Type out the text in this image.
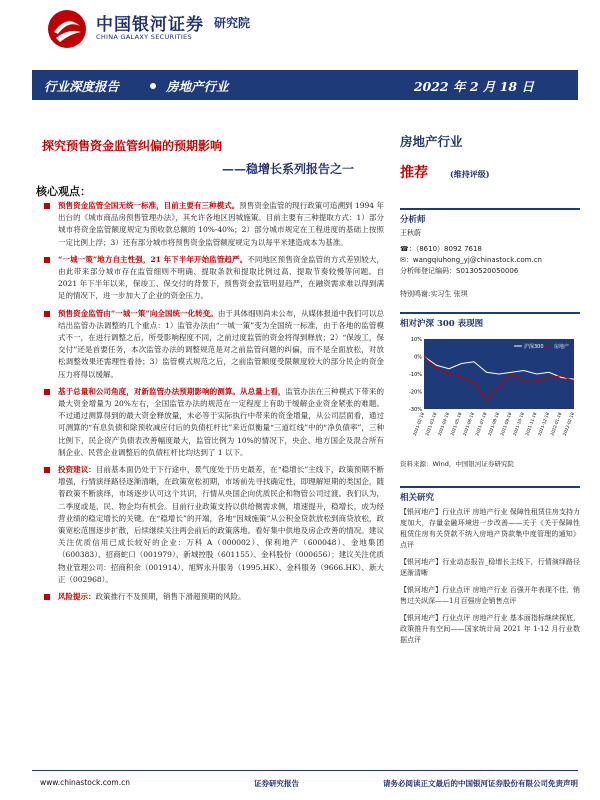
中国银河证券
CHINA GALAXY SECURITIES
研究院
行业深度报告	房地产行业	2022 年 2 月 18 日
探究预售资金监管纠偏的预期影响
——稳增长系列报告之一
核心观点：
预售资金监管全国无统一标准，目前主要有三种模式。预售资金监管的现行政策可追溯到 1994 年出台的《城市商品房预售管理办法》，其允许各地区因城施策。目前主要有三种提取方式：1）部分城市将资金监管额度规定为预收款总额的 10%-40%；2）部分城市规定在工程进度的基础上按照一定比例上浮；3）还有部分城市将预售资金监管额度规定为以每平米建造成本为基准。
“一城一策”地方自主性强，21 年下半年开始监管趋严。不同地区预售资金监管的方式差别较大，由此带来部分城市存在监管细则不明确、提取条款和提取比例过高、提取节奏较慢等问题。自 2021 年下半年以来，保竣工、保交付的背景下，预售资金监管明显趋严，在融资需求难以得到满足的情况下，进一步加大了企业的资金压力。
预售资金监管由“一城一策”向全国统一化转变。由于具体细则尚未公布，从媒体报道中我们可以总结出监管办法调整的几个重点：1）监管办法由“一城一策”变为全国统一标准，由于各地的监管模式不一，在进行调整之后，所受影响程度不同，之前过度监管的资金将得到释放；2）“保竣工，保交付”还是首要任务，本次监管办法的调整规范是对之前监管问题的纠偏，而不是全面放松，对放松调整效果还需理性看待；3）监管模式规范之后，之前监管额度受限额度较大的部分民企的资金压力将得以缓解。
基于总量和公司角度，对新监管办法预期影响的测算。从总量上看，监管办法在三种模式下带来的最大资金增量为 20%左右，全国监管办法的规范在一定程度上有助于缓解企业资金紧张的难题。不过通过测算得到的最大资金释放量，未必等于实际执行中带来的资金增量，从公司层面看，通过可测算的“有息负债和除预收减应付后的负债杠杆比”来近似衡量“三道红线”中的“净负债率”，三种比例下，民企资产负债表改善幅度最大，监管比例为 10%的情况下，央企、地方国企及混合所有制企业、民营企业调整后的负债杠杆比均达到了 1 以下。
投资建议：目前基本面仍处于下行途中，景气度处于历史最差，在“稳增长”主线下，政策预期不断增强，行情演绎路径逐渐清晰，在政策宽松初期，市场前先寻找确定性，即理解短期的类国企，随着政策不断演绎，市场逐步认可这个共识，行情从央国企向优质民企和物管公司过渡。我们认为，二季度或是、民、物企均有机会。目前行业政策支持以供给侧需求侧，增速提升，稳增长，成为经营业绩的稳定增长的关键。在“稳增长”的开端，各地“因城施策”从公积金贷款放松到商贷放松，政策宽松范围逐步扩散，后续继续关注两会前后的政策落地。看好集中供地及房企改善的情况。建议关注优质信用已成长较好的企业：万科 A（000002）、保利地产（600048）、金地集团（600383）、招商蛇口（001979）、新城控股（601155）、金科股份（000656）；建议关注优质物业管理公司：招商积余（001914）、旭辉永升服务（1995.HK）、金科服务（9666.HK）、新大正（002968）。
风险提示：政策推行不及预期，销售下滑超预期的风险。
房地产行业
推荐	(维持评级)
分析师
王秋蔚
☎：（8610）8092 7618
✉：wangqiuhong_yj@chinastock.com.cn
分析师登记编码：S0130520050006
特别鸣谢:实习生 张琪
相对沪深 300 表现图
10%
0%
-10%
-20%
-30%
2021-02-18 2021-03-18 2021-04-18 2021-05-18 2021-06-18 2021-07-18 2021-08-18 2021-09-18 2021-10-18 2021-11-18 2021-12-18 2022-01-18 2022-02-18
沪深300 房地产
资料来源：Wind，中国银河证券研究院
相关研究
【银河地产】行业点评 房地产行业 保障性租赁住房支持力度加大，存量金融环境进一步改善——关于《关于保障性租赁住房有关贷款不纳入房地产贷款集中度管理的通知》点评
【银河地产】行业动态报告_稳增长主线下，行情演绎路径逐渐清晰
【银河地产】行业点评 房地产行业 百强开年表现不佳，销售过关纵深——1月百强房企销售点评
【银河地产】行业点评 房地产行业 基本面指标继续探底，政策推升有空间——国家统计局 2021 年 1-12 月行业数据点评
www.chinastock.com.cn	证券研究报告	请务必阅读正文最后的中国银河证券股份有限公司免责声明
